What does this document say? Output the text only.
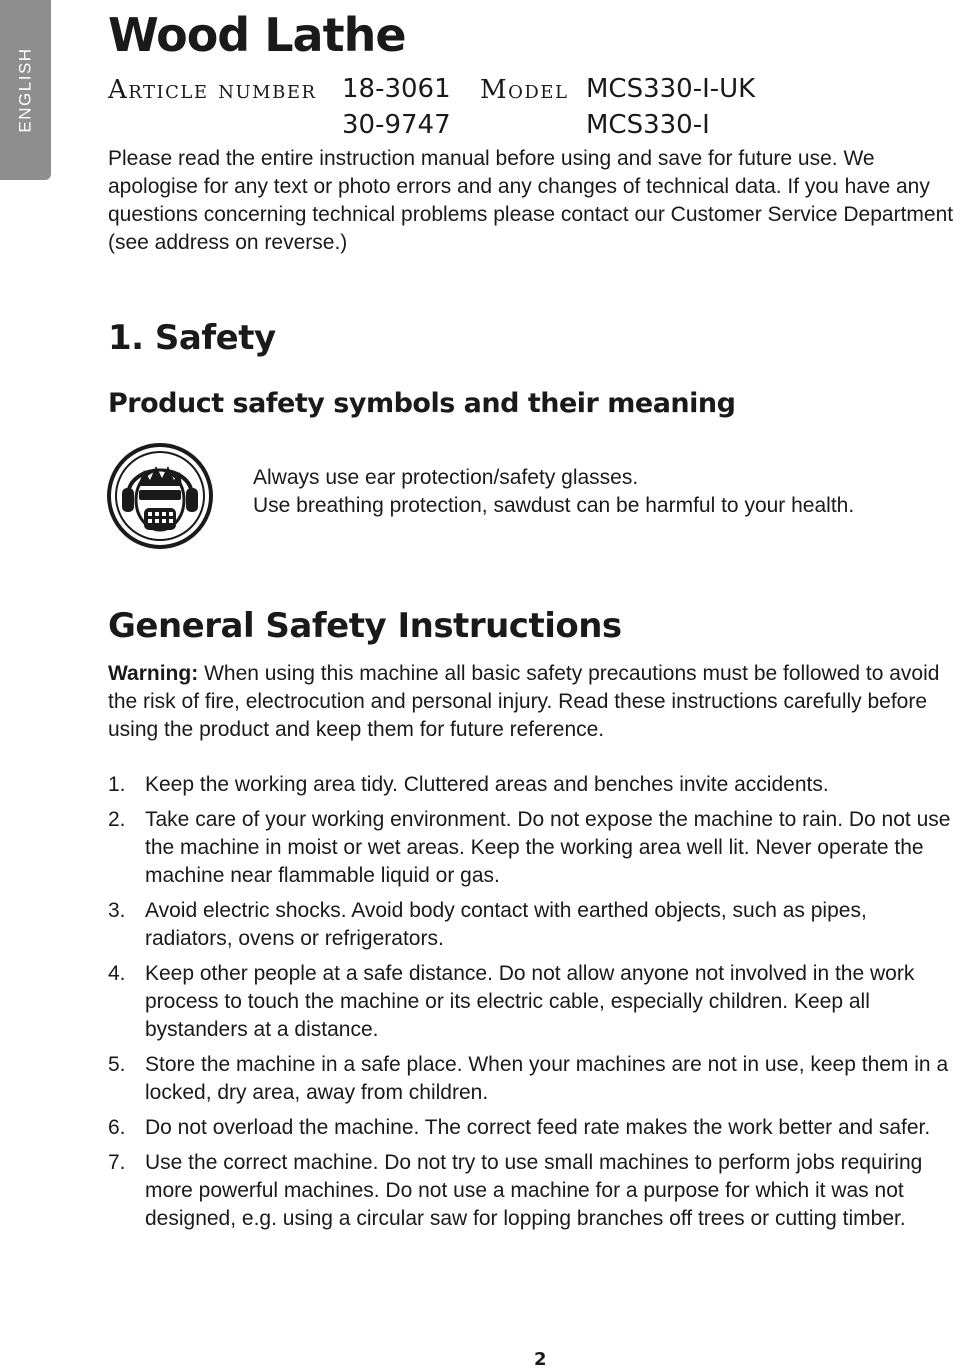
ENGLISH
Wood Lathe
Article number 18-3061 Model MCS330-I-UK
30-9747	MCS330-I

Please read the entire instruction manual before using and save for future use. We apologise for any text or photo errors and any changes of technical data. If you have any questions concerning technical problems please contact our Customer Service Department (see address on reverse.)

1. Safety
Product safety symbols and their meaning
Always use ear protection/safety glasses.
Use breathing protection, sawdust can be harmful to your health.
General Safety Instructions

Warning: When using this machine all basic safety precautions must be followed to avoid the risk of fire, electrocution and personal injury. Read these instructions carefully before using the product and keep them for future reference.

1. Keep the working area tidy. Cluttered areas and benches invite accidents.
2. Take care of your working environment. Do not expose the machine to rain. Do not use the machine in moist or wet areas. Keep the working area well lit. Never operate the machine near flammable liquid or gas.
3. Avoid electric shocks. Avoid body contact with earthed objects, such as pipes, radiators, ovens or refrigerators.
4. Keep other people at a safe distance. Do not allow anyone not involved in the work process to touch the machine or its electric cable, especially children. Keep all bystanders at a distance.
5. Store the machine in a safe place. When your machines are not in use, keep them in a locked, dry area, away from children.
6. Do not overload the machine. The correct feed rate makes the work better and safer.
7. Use the correct machine. Do not try to use small machines to perform jobs requiring more powerful machines. Do not use a machine for a purpose for which it was not designed, e.g. using a circular saw for lopping branches off trees or cutting timber.
2
